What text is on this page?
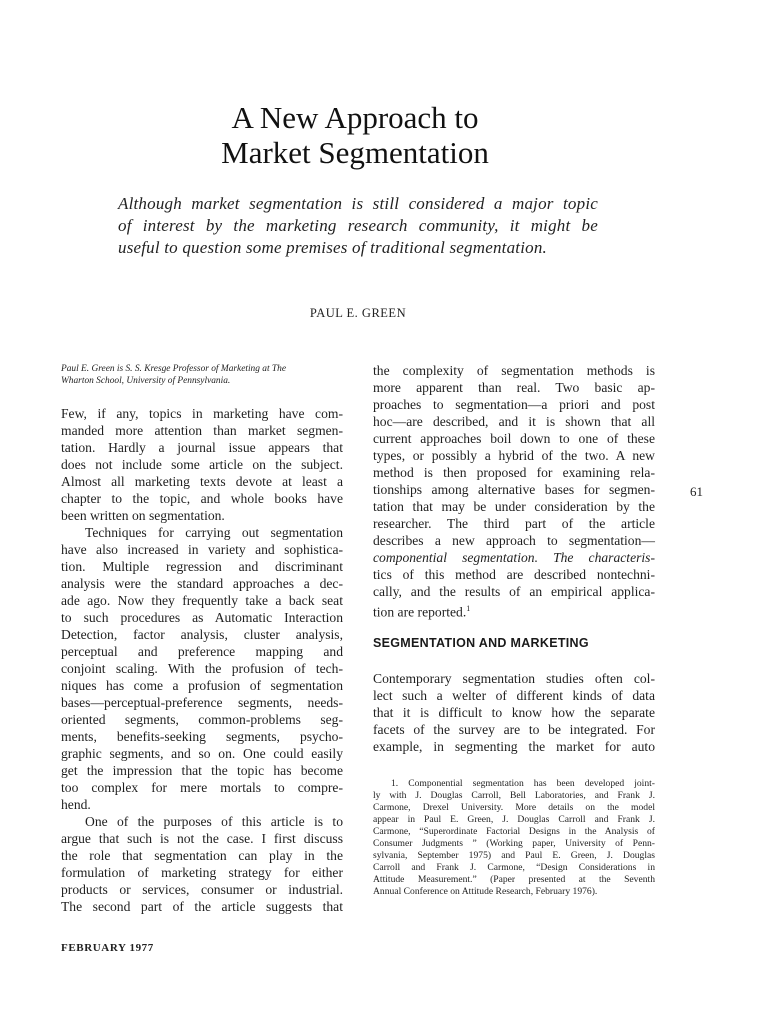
A New Approach to
Market Segmentation
Although market segmentation is still considered a major topic
of interest by the marketing research community, it might be
useful to question some premises of traditional segmentation.
PAUL E. GREEN
Paul E. Green is S. S. Kresge Professor of Marketing at The
Wharton School, University of Pennsylvania.
Few, if any, topics in marketing have com-
manded more attention than market segmen-
tation. Hardly a journal issue appears that
does not include some article on the subject.
Almost all marketing texts devote at least a
chapter to the topic, and whole books have
been written on segmentation.
Techniques for carrying out segmentation
have also increased in variety and sophistica-
tion. Multiple regression and discriminant
analysis were the standard approaches a dec-
ade ago. Now they frequently take a back seat
to such procedures as Automatic Interaction
Detection, factor analysis, cluster analysis,
perceptual and preference mapping and
conjoint scaling. With the profusion of tech-
niques has come a profusion of segmentation
bases—perceptual-preference segments, needs-
oriented segments, common-problems seg-
ments, benefits-seeking segments, psycho-
graphic segments, and so on. One could easily
get the impression that the topic has become
too complex for mere mortals to compre-
hend.
One of the purposes of this article is to
argue that such is not the case. I first discuss
the role that segmentation can play in the
formulation of marketing strategy for either
products or services, consumer or industrial.
The second part of the article suggests that
the complexity of segmentation methods is
more apparent than real. Two basic ap-
proaches to segmentation—a priori and post
hoc—are described, and it is shown that all
current approaches boil down to one of these
types, or possibly a hybrid of the two. A new
method is then proposed for examining rela-
tionships among alternative bases for segmen-
tation that may be under consideration by the
researcher. The third part of the article
describes a new approach to segmentation—
componential segmentation. The characteris-
tics of this method are described nontechni-
cally, and the results of an empirical applica-
tion are reported.$^1$
SEGMENTATION AND MARKETING
Contemporary segmentation studies often col-
lect such a welter of different kinds of data
that it is difficult to know how the separate
facets of the survey are to be integrated. For
example, in segmenting the market for auto
1. Componential segmentation has been developed joint-
ly with J. Douglas Carroll, Bell Laboratories, and Frank J.
Carmone, Drexel University. More details on the model
appear in Paul E. Green, J. Douglas Carroll and Frank J.
Carmone, “Superordinate Factorial Designs in the Analysis of
Consumer Judgments ” (Working paper, University of Penn-
sylvania, September 1975) and Paul E. Green, J. Douglas
Carroll and Frank J. Carmone, “Design Considerations in
Attitude Measurement.” (Paper presented at the Seventh
Annual Conference on Attitude Research, February 1976).
61
FEBRUARY 1977
